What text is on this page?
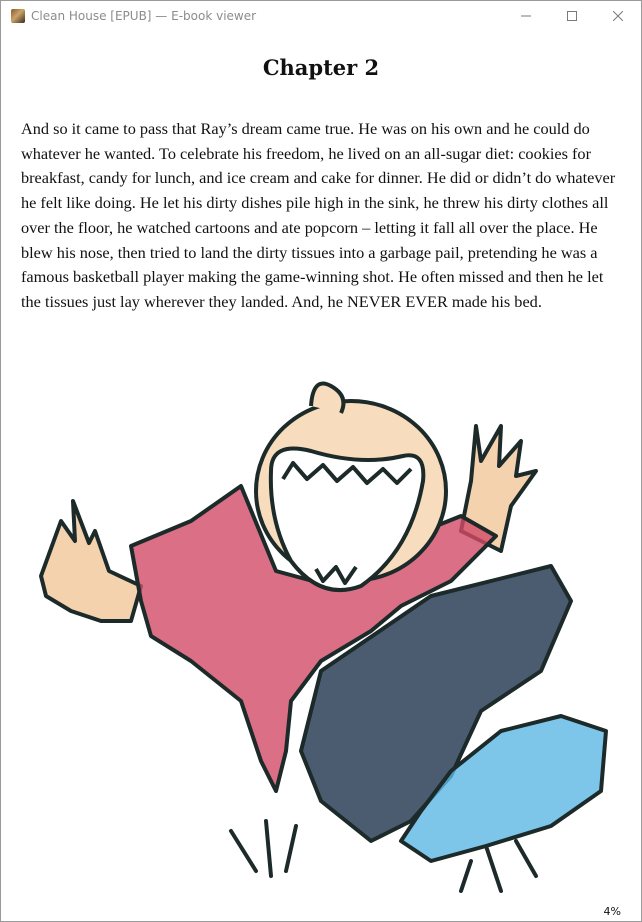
Clean House [EPUB] — E-book viewer
Chapter 2

And so it came to pass that Ray’s dream came true. He was on his own and he could do whatever he wanted. To celebrate his freedom, he lived on an all-sugar diet: cookies for breakfast, candy for lunch, and ice cream and cake for dinner. He did or didn’t do whatever he felt like doing. He let his dirty dishes pile high in the sink, he threw his dirty clothes all over the floor, he watched cartoons and ate popcorn – letting it fall all over the place. He blew his nose, then tried to land the dirty tissues into a garbage pail, pretending he was a famous basketball player making the game-winning shot. He often missed and then he let the tissues just lay wherever they landed. And, he NEVER EVER made his bed.

4%
